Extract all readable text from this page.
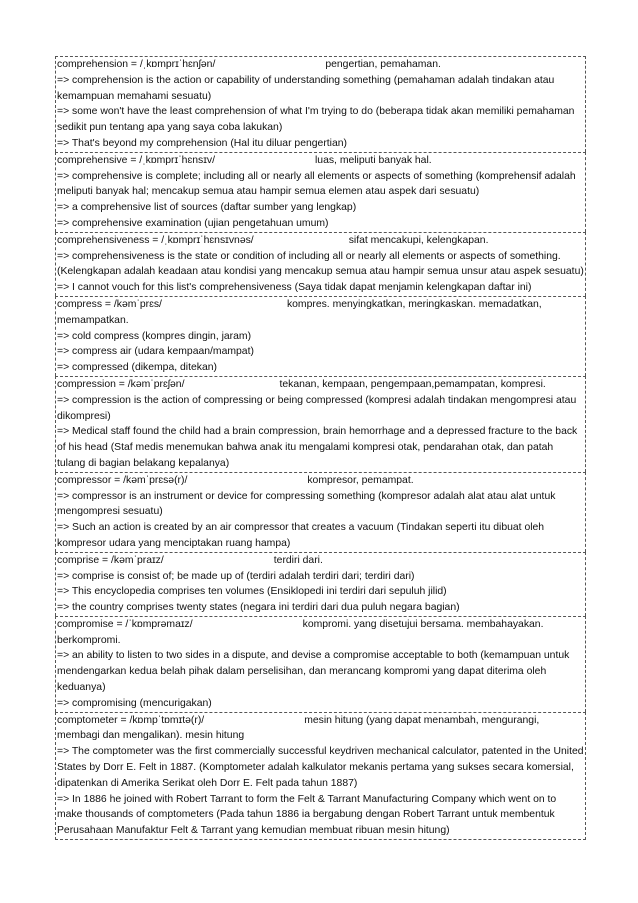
comprehension = /ˌkɒmprɪˈhɛnʃən/	pengertian, pemahaman.
=> comprehension is the action or capability of understanding something (pemahaman adalah tindakan atau kemampuan memahami sesuatu)
=> some won't have the least comprehension of what I'm trying to do (beberapa tidak akan memiliki pemahaman sedikit pun tentang apa yang saya coba lakukan)
=> That's beyond my comprehension (Hal itu diluar pengertian)
comprehensive = /ˌkɒmprɪˈhɛnsɪv/	luas, meliputi banyak hal.
=> comprehensive is complete; including all or nearly all elements or aspects of something (komprehensif adalah meliputi banyak hal; mencakup semua atau hampir semua elemen atau aspek dari sesuatu)
=> a comprehensive list of sources (daftar sumber yang lengkap)
=> comprehensive examination (ujian pengetahuan umum)
comprehensiveness = /ˌkɒmprɪˈhɛnsɪvnəs/	sifat mencakupi, kelengkapan.
=> comprehensiveness is the state or condition of including all or nearly all elements or aspects of something. (Kelengkapan adalah keadaan atau kondisi yang mencakup semua atau hampir semua unsur atau aspek sesuatu)
=> I cannot vouch for this list's comprehensiveness (Saya tidak dapat menjamin kelengkapan daftar ini)
compress = /kəmˈprɛs/	kompres. menyingkatkan, meringkaskan. memadatkan, memampatkan.
=> cold compress (kompres dingin, jaram)
=> compress air (udara kempaan/mampat)
=> compressed (dikempa, ditekan)
compression = /kəmˈprɛʃən/	tekanan, kempaan, pengempaan,pemampatan, kompresi.
=> compression is the action of compressing or being compressed (kompresi adalah tindakan mengompresi atau dikompresi)
=> Medical staff found the child had a brain compression, brain hemorrhage and a depressed fracture to the back of his head (Staf medis menemukan bahwa anak itu mengalami kompresi otak, pendarahan otak, dan patah tulang di bagian belakang kepalanya)
compressor = /kəmˈprɛsə(r)/	kompresor, pemampat.
=> compressor is an instrument or device for compressing something (kompresor adalah alat atau alat untuk mengompresi sesuatu)
=> Such an action is created by an air compressor that creates a vacuum (Tindakan seperti itu dibuat oleh kompresor udara yang menciptakan ruang hampa)
comprise = /kəmˈpraɪz/	terdiri dari.
=> comprise is consist of; be made up of (terdiri adalah terdiri dari; terdiri dari)
=> This encyclopedia comprises ten volumes (Ensiklopedi ini terdiri dari sepuluh jilid)
=> the country comprises twenty states (negara ini terdiri dari dua puluh negara bagian)
compromise = /ˈkɒmprəmaɪz/	kompromi. yang disetujui bersama. membahayakan. berkompromi.
=> an ability to listen to two sides in a dispute, and devise a compromise acceptable to both (kemampuan untuk mendengarkan kedua belah pihak dalam perselisihan, dan merancang kompromi yang dapat diterima oleh keduanya)
=> compromising (mencurigakan)
comptometer = /kɒmpˈtɒmɪtə(r)/	mesin hitung (yang dapat menambah, mengurangi, membagi dan mengalikan). mesin hitung
=> The comptometer was the first commercially successful keydriven mechanical calculator, patented in the United States by Dorr E. Felt in 1887. (Komptometer adalah kalkulator mekanis pertama yang sukses secara komersial, dipatenkan di Amerika Serikat oleh Dorr E. Felt pada tahun 1887)
=> In 1886 he joined with Robert Tarrant to form the Felt & Tarrant Manufacturing Company which went on to make thousands of comptometers (Pada tahun 1886 ia bergabung dengan Robert Tarrant untuk membentuk Perusahaan Manufaktur Felt & Tarrant yang kemudian membuat ribuan mesin hitung)
